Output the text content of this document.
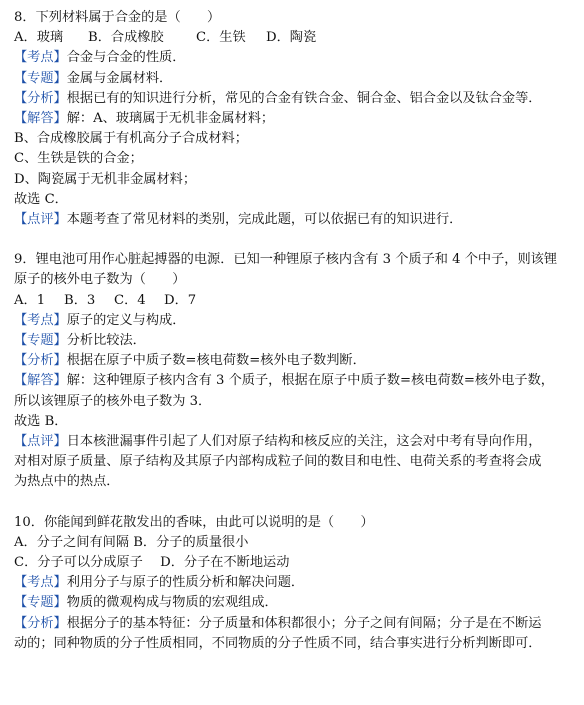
8．下列材料属于合金的是（　　）
A．玻璃 B．合成橡胶 C．生铁 D．陶瓷
【考点】合金与合金的性质．
【专题】金属与金属材料．
【分析】根据已有的知识进行分析，常见的合金有铁合金、铜合金、铝合金以及钛合金等．
【解答】解：A、玻璃属于无机非金属材料；
B、合成橡胶属于有机高分子合成材料；
C、生铁是铁的合金；
D、陶瓷属于无机非金属材料；
故选 C．
【点评】本题考查了常见材料的类别，完成此题，可以依据已有的知识进行．
9．锂电池可用作心脏起搏器的电源．已知一种锂原子核内含有 3 个质子和 4 个中子，则该锂
原子的核外电子数为（　　）
A．1 B．3 C．4 D．7
【考点】原子的定义与构成．
【专题】分析比较法．
【分析】根据在原子中质子数=核电荷数=核外电子数判断．
【解答】解：这种锂原子核内含有 3 个质子，根据在原子中质子数=核电荷数=核外电子数，
所以该锂原子的核外电子数为 3．
故选 B．
【点评】日本核泄漏事件引起了人们对原子结构和核反应的关注，这会对中考有导向作用，
对相对原子质量、原子结构及其原子内部构成粒子间的数目和电性、电荷关系的考查将会成
为热点中的热点．
10．你能闻到鲜花散发出的香味，由此可以说明的是（　　）
A．分子之间有间隔 B．分子的质量很小
C．分子可以分成原子　 D．分子在不断地运动
【考点】利用分子与原子的性质分析和解决问题．
【专题】物质的微观构成与物质的宏观组成．
【分析】根据分子的基本特征：分子质量和体积都很小；分子之间有间隔；分子是在不断运
动的；同种物质的分子性质相同，不同物质的分子性质不同，结合事实进行分析判断即可．
